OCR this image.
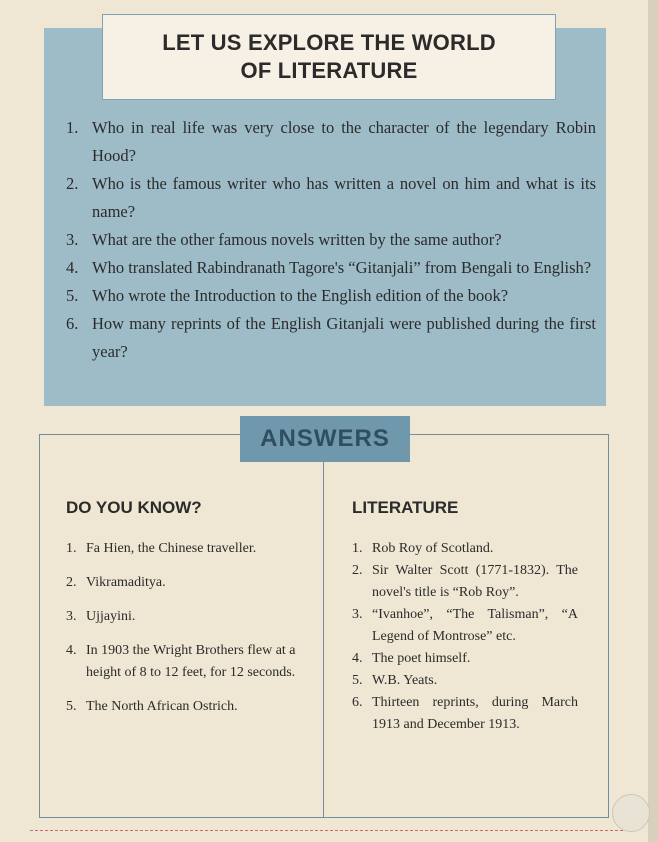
LET US EXPLORE THE WORLD
OF LITERATURE
1. Who in real life was very close to the character of the legendary Robin Hood?
2. Who is the famous writer who has written a novel on him and what is its name?
3. What are the other famous novels written by the same author?
4. Who translated Rabindranath Tagore's “Gitanjali” from Bengali to English?
5. Who wrote the Introduction to the English edition of the book?
6. How many reprints of the English Gitanjali were published during the first year?
ANSWERS
DO YOU KNOW?	LITERATURE
1. Fa Hien, the Chinese traveller.
2. Vikramaditya.
3. Ujjayini.
4. In 1903 the Wright Brothers flew at a height of 8 to 12 feet, for 12 seconds.
5. The North African Ostrich.
1. Rob Roy of Scotland.
2. Sir Walter Scott (1771-1832). The novel's title is “Rob Roy”.
3. “Ivanhoe”, “The Talisman”, “A Legend of Montrose” etc.
4. The poet himself.
5. W.B. Yeats.
6. Thirteen reprints, during March 1913 and December 1913.
